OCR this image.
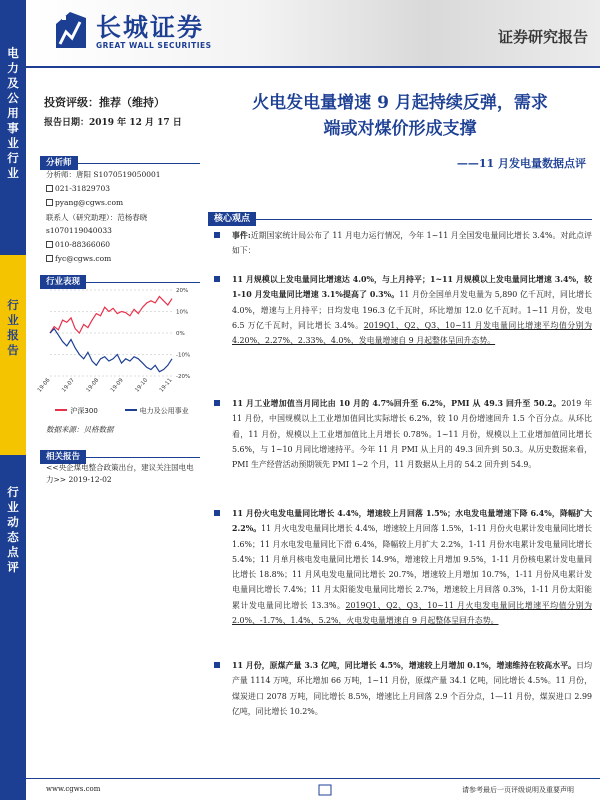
电
力
及
公
用
事
业
行
业
行
业
报
告
行
业
动
态
点
评
长城证券
GREAT WALL SECURITIES	证券研究报告
投资评级：推荐（维持）
报告日期：2019 年 12 月 17 日
分析师
分析师：唐阳 S1070519050001
021-31829703
pyang@cgws.com
联系人（研究助理）：范杨春晓
s1070119040033
010-88366060
fyc@cgws.com
行业表现
20%
10%
0%
-10%
-20%
19-06 19-07 19-08 19-09 19-10 19-11
沪深300	电力及公用事业
数据来源：贝格数据
相关报告
<<央企煤电整合政策出台，建议关注国电电力>> 2019-12-02
火电发电量增速 9 月起持续反弹，需求
端或对煤价形成支撑
——11 月发电量数据点评
核心观点
事件:近期国家统计局公布了 11 月电力运行情况，今年 1~11 月全国发电量同比增长 3.4%。对此点评如下：
11 月规模以上发电量同比增速达 4.0%，与上月持平；1~11 月规模以上发电量同比增速 3.4%，较 1-10 月发电量同比增速 3.1%提高了 0.3%。11 月份全国单月发电量为 5,890 亿千瓦时，同比增长 4.0%，增速与上月持平；日均发电 196.3 亿千瓦时，环比增加 12.0 亿千瓦时。1~11 月份，发电 6.5 万亿千瓦时，同比增长 3.4%。2019Q1、Q2、Q3、10~11 月发电量同比增速平均值分别为 4.20%、2.27%、2.33%、4.0%，发电量增速自 9 月起整体呈回升态势。
11 月工业增加值当月同比由 10 月的 4.7%回升至 6.2%，PMI 从 49.3 回升至 50.2。2019 年 11 月份，中国规模以上工业增加值同比实际增长 6.2%，较 10 月份增速回升 1.5 个百分点。从环比看，11 月份，规模以上工业增加值比上月增长 0.78%。1~11 月份，规模以上工业增加值同比增长 5.6%，与 1~10 月同比增速持平。今年 11 月 PMI 从上月的 49.3 回升到 50.3。从历史数据来看，PMI 生产经营活动预期领先 PMI 1~2 个月，11 月数据从上月的 54.2 回升到 54.9。
11 月份火电发电量同比增长 4.4%，增速较上月回落 1.5%；水电发电量增速下降 6.4%，降幅扩大 2.2%。11 月火电发电量同比增长 4.4%，增速较上月回落 1.5%，1-11 月份火电累计发电量同比增长 1.6%；11 月水电发电量同比下滑 6.4%，降幅较上月扩大 2.2%，1-11 月份水电累计发电量同比增长 5.4%；11 月单月核电发电量同比增长 14.9%，增速较上月增加 9.5%，1-11 月份核电累计发电量同比增长 18.8%；11 月风电发电量同比增长 20.7%，增速较上月增加 10.7%，1-11 月份风电累计发电量同比增长 7.4%；11 月太阳能发电量同比增长 2.7%，增速较上月回落 0.3%，1-11 月份太阳能累计发电量同比增长 13.3%。2019Q1、Q2、Q3、10~11 月火电发电量同比增速平均值分别为 2.0%、-1.7%、1.4%、5.2%，火电发电量增速自 9 月起整体呈回升态势。
11 月份，原煤产量 3.3 亿吨，同比增长 4.5%，增速较上月增加 0.1%，增速维持在较高水平。日均产量 1114 万吨，环比增加 66 万吨，1~11 月份，原煤产量 34.1 亿吨，同比增长 4.5%。11 月份，煤炭进口 2078 万吨，同比增长 8.5%，增速比上月回落 2.9 个百分点，1—11 月份，煤炭进口 2.99 亿吨，同比增长 10.2%。
www.cgws.com	请参考最后一页评级说明及重要声明
